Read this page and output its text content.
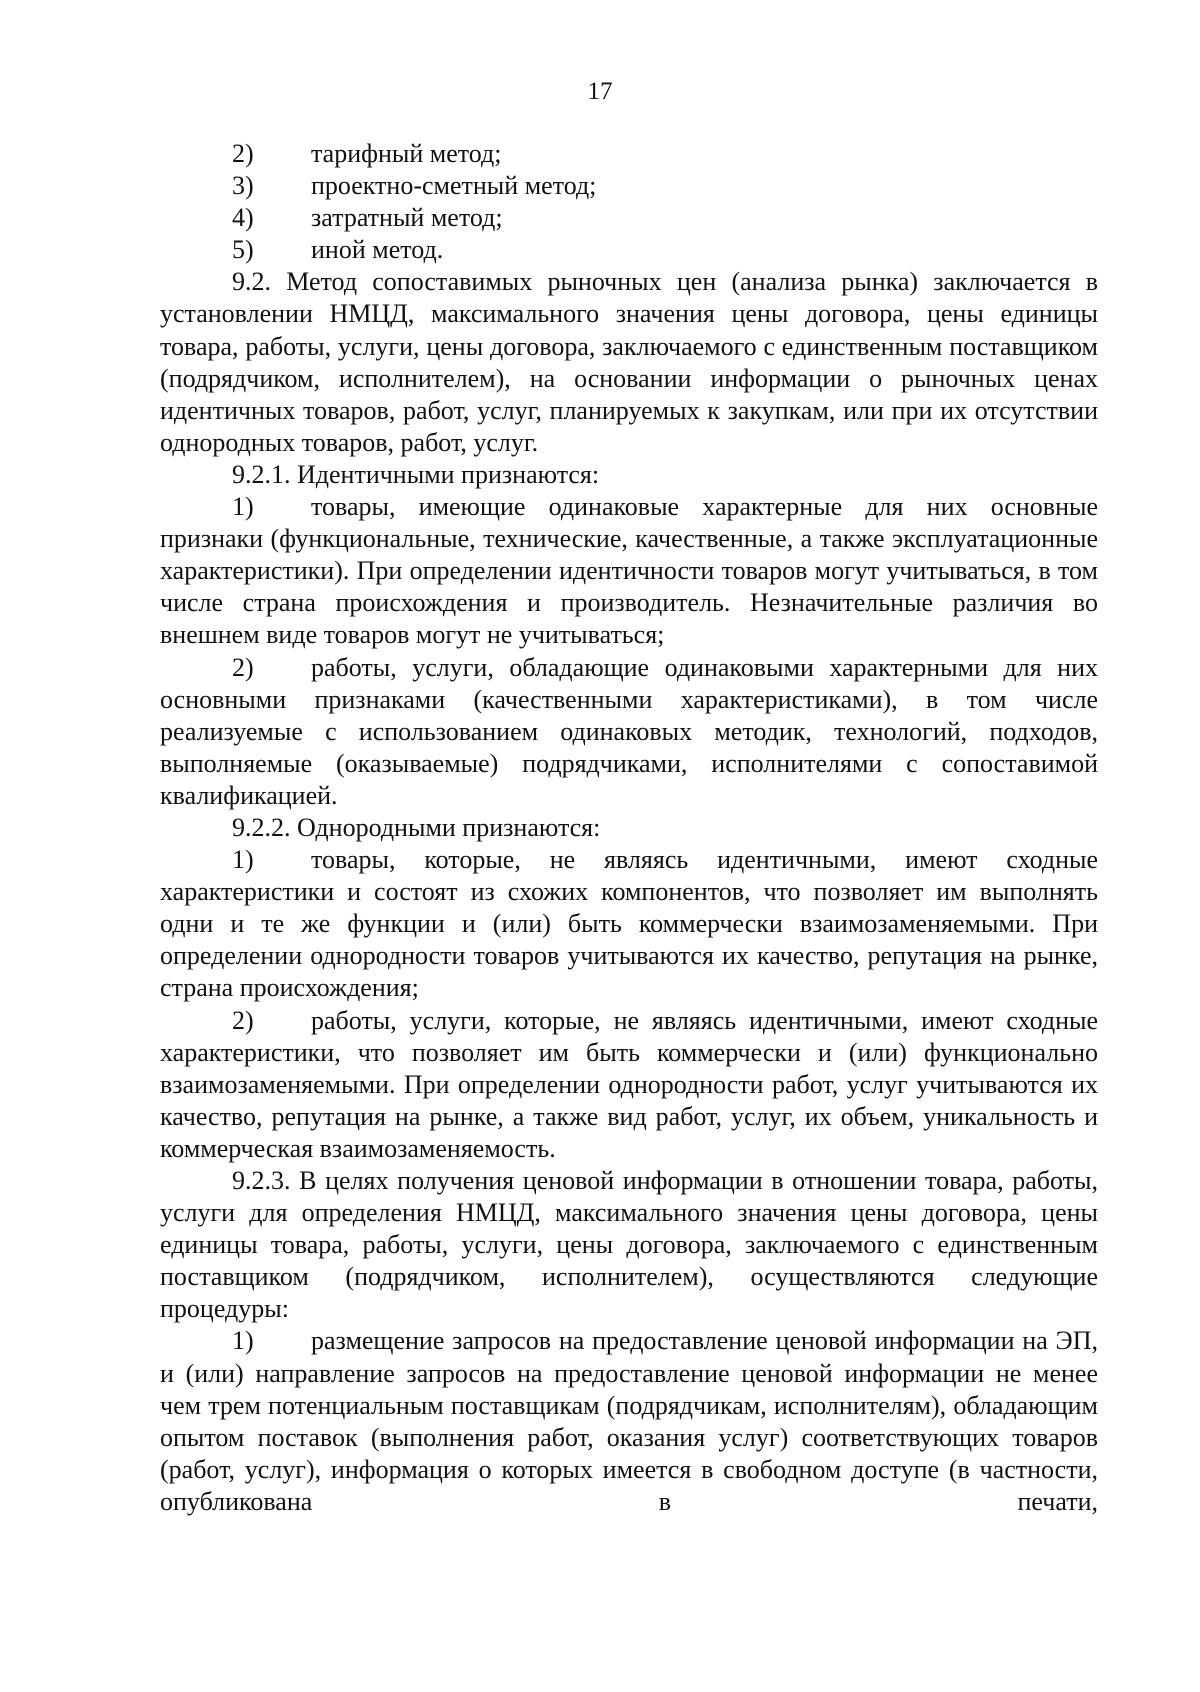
17
2) тарифный метод;
3) проектно-сметный метод;
4) затратный метод;
5) иной метод.

9.2. Метод сопоставимых рыночных цен (анализа рынка) заключается в установлении НМЦД, максимального значения цены договора, цены единицы товара, работы, услуги, цены договора, заключаемого с единственным поставщиком (подрядчиком, исполнителем), на основании информации о рыночных ценах идентичных товаров, работ, услуг, планируемых к закупкам, или при их отсутствии однородных товаров, работ, услуг.

9.2.1. Идентичными признаются:

1) товары, имеющие одинаковые характерные для них основные признаки (функциональные, технические, качественные, а также эксплуатационные характеристики). При определении идентичности товаров могут учитываться, в том числе страна происхождения и производитель. Незначительные различия во внешнем виде товаров могут не учитываться;

2) работы, услуги, обладающие одинаковыми характерными для них основными признаками (качественными характеристиками), в том числе реализуемые с использованием одинаковых методик, технологий, подходов, выполняемые (оказываемые) подрядчиками, исполнителями с сопоставимой квалификацией.

9.2.2. Однородными признаются:

1) товары, которые, не являясь идентичными, имеют сходные характеристики и состоят из схожих компонентов, что позволяет им выполнять одни и те же функции и (или) быть коммерчески взаимозаменяемыми. При определении однородности товаров учитываются их качество, репутация на рынке, страна происхождения;

2) работы, услуги, которые, не являясь идентичными, имеют сходные характеристики, что позволяет им быть коммерчески и (или) функционально взаимозаменяемыми. При определении однородности работ, услуг учитываются их качество, репутация на рынке, а также вид работ, услуг, их объем, уникальность и коммерческая взаимозаменяемость.

9.2.3. В целях получения ценовой информации в отношении товара, работы, услуги для определения НМЦД, максимального значения цены договора, цены единицы товара, работы, услуги, цены договора, заключаемого с единственным поставщиком (подрядчиком, исполнителем), осуществляются следующие процедуры:

1) размещение запросов на предоставление ценовой информации на ЭП, и (или) направление запросов на предоставление ценовой информации не менее чем трем потенциальным поставщикам (подрядчикам, исполнителям), обладающим опытом поставок (выполнения работ, оказания услуг) соответствующих товаров (работ, услуг), информация о которых имеется в свободном доступе (в частности, опубликована в печати,
